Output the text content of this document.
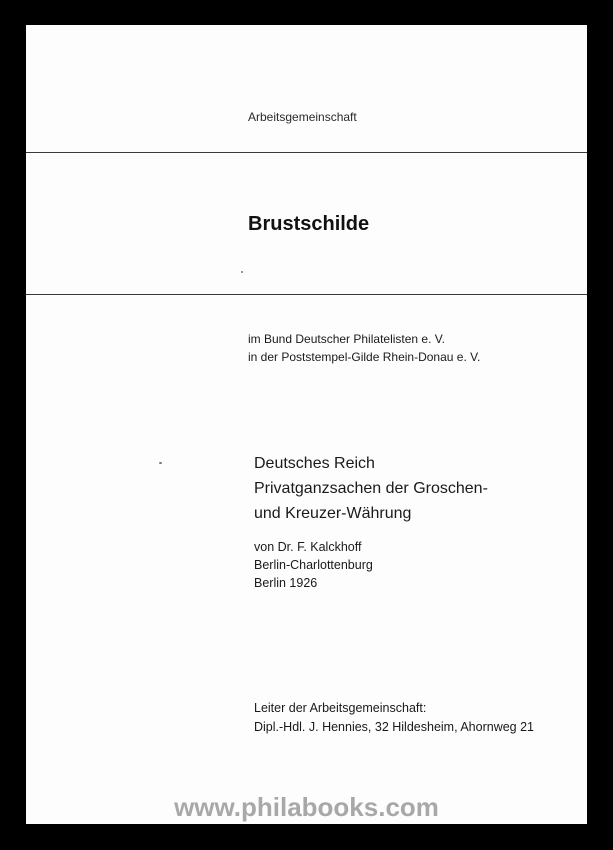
Arbeitsgemeinschaft
Brustschilde
im Bund Deutscher Philatelisten e. V.
in der Poststempel-Gilde Rhein-Donau e. V.
Deutsches Reich
Privatganzsachen der Groschen-
und Kreuzer-Währung
von Dr. F. Kalckhoff
Berlin-Charlottenburg
Berlin 1926
Leiter der Arbeitsgemeinschaft:
Dipl.-Hdl. J. Hennies, 32 Hildesheim, Ahornweg 21
www.philabooks.com
